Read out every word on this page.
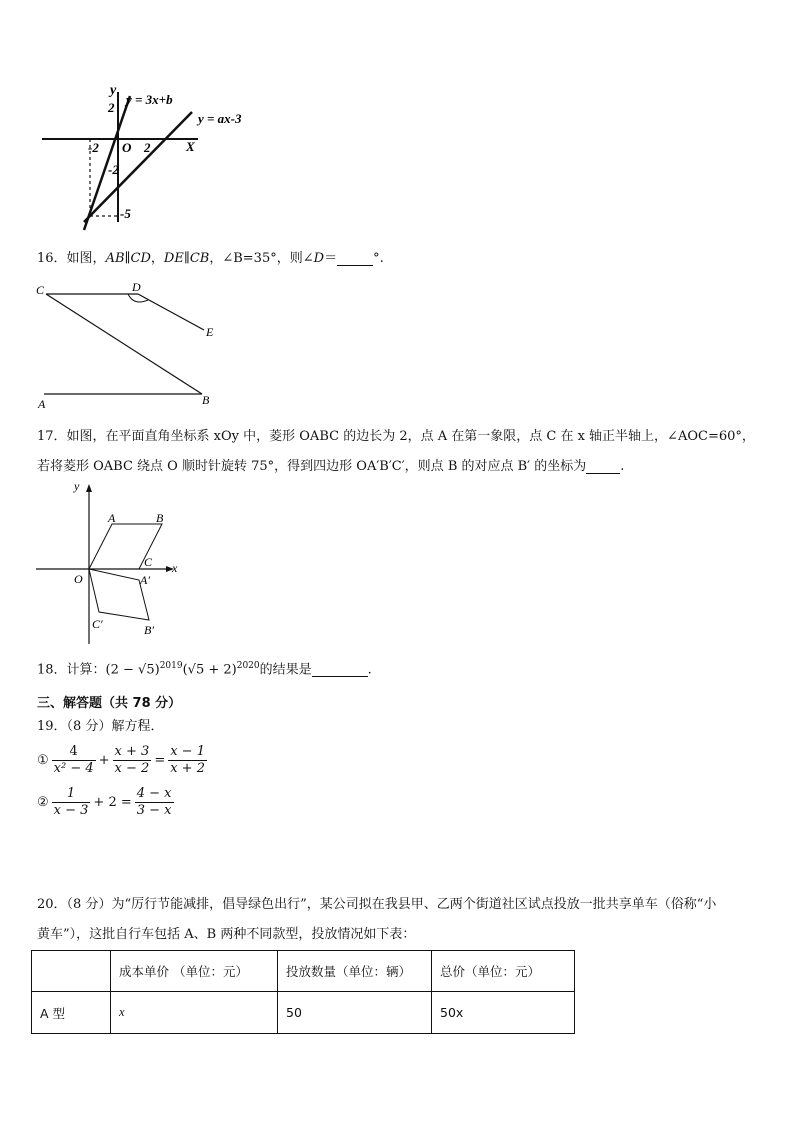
y
2
y = 3x+b
y = ax-3
-2 O 2	X
-2
-5
16．如图，AB∥CD，DE∥CB，∠B=35°，则∠D＝	°.
C	D
E
A	B
17．如图，在平面直角坐标系 xOy 中，菱形 OABC 的边长为 2，点 A 在第一象限，点 C 在 x 轴正半轴上，∠AOC=60°，
若将菱形 OABC 绕点 O 顺时针旋转 75°，得到四边形 OA′B′C′，则点 B 的对应点 B′ 的坐标为	.
y
x
O
A	B
C
A′
B′
C′
18．计算：$(2 - √5)^{2019}(√5 + 2)^{2020}$的结果是	.
三、解答题（共 78 分）
19．（8 分）解方程．
① $\frac{4}{\text{x² − 4}} + \frac{x + 3}{x - 2} = \frac{x - 1}{x + 2}$
② $\frac{1}{x - 3} + 2 = \frac{4 - x}{3 - x}$
20．（8 分）为“厉行节能减排，倡导绿色出行”，某公司拟在我县甲、乙两个街道社区试点投放一批共享单车（俗称“小
黄车”），这批自行车包括 A、B 两种不同款型，投放情况如下表：
	成本单价 （单位：元）	投放数量（单位：辆）	总价（单位：元）
A 型	x	50	50x
